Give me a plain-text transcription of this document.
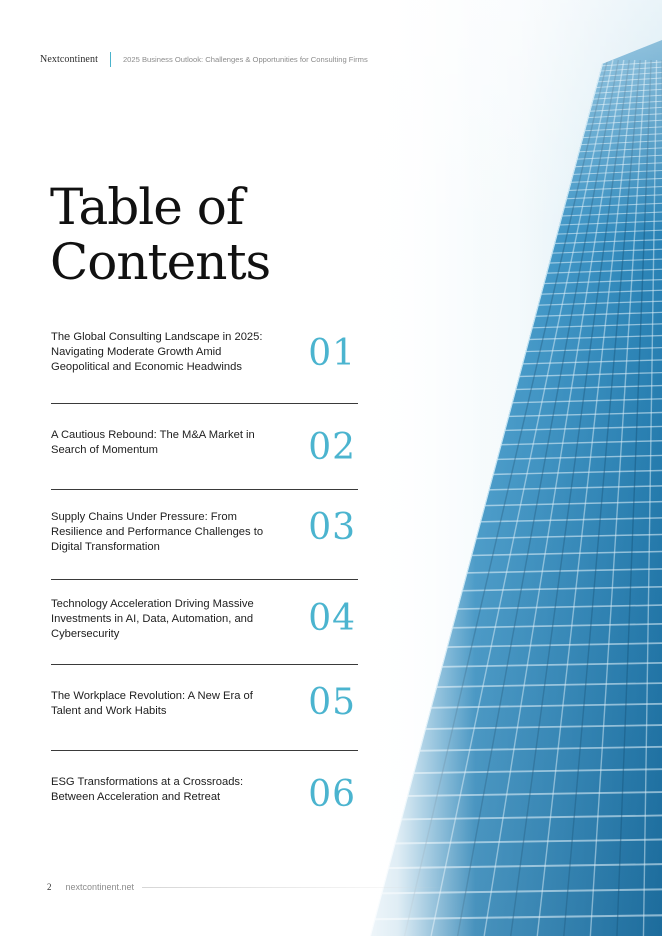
Nextcontinent	2025 Business Outlook: Challenges & Opportunities for Consulting Firms
Table of
Contents
The Global Consulting Landscape in 2025: Navigating Moderate Growth Amid Geopolitical and Economic Headwinds	01
A Cautious Rebound: The M&A Market in Search of Momentum	02
Supply Chains Under Pressure: From Resilience and Performance Challenges to Digital Transformation	03
Technology Acceleration Driving Massive Investments in AI, Data, Automation, and Cybersecurity	04
The Workplace Revolution: A New Era of Talent and Work Habits	05
ESG Transformations at a Crossroads: Between Acceleration and Retreat	06
2 nextcontinent.net
